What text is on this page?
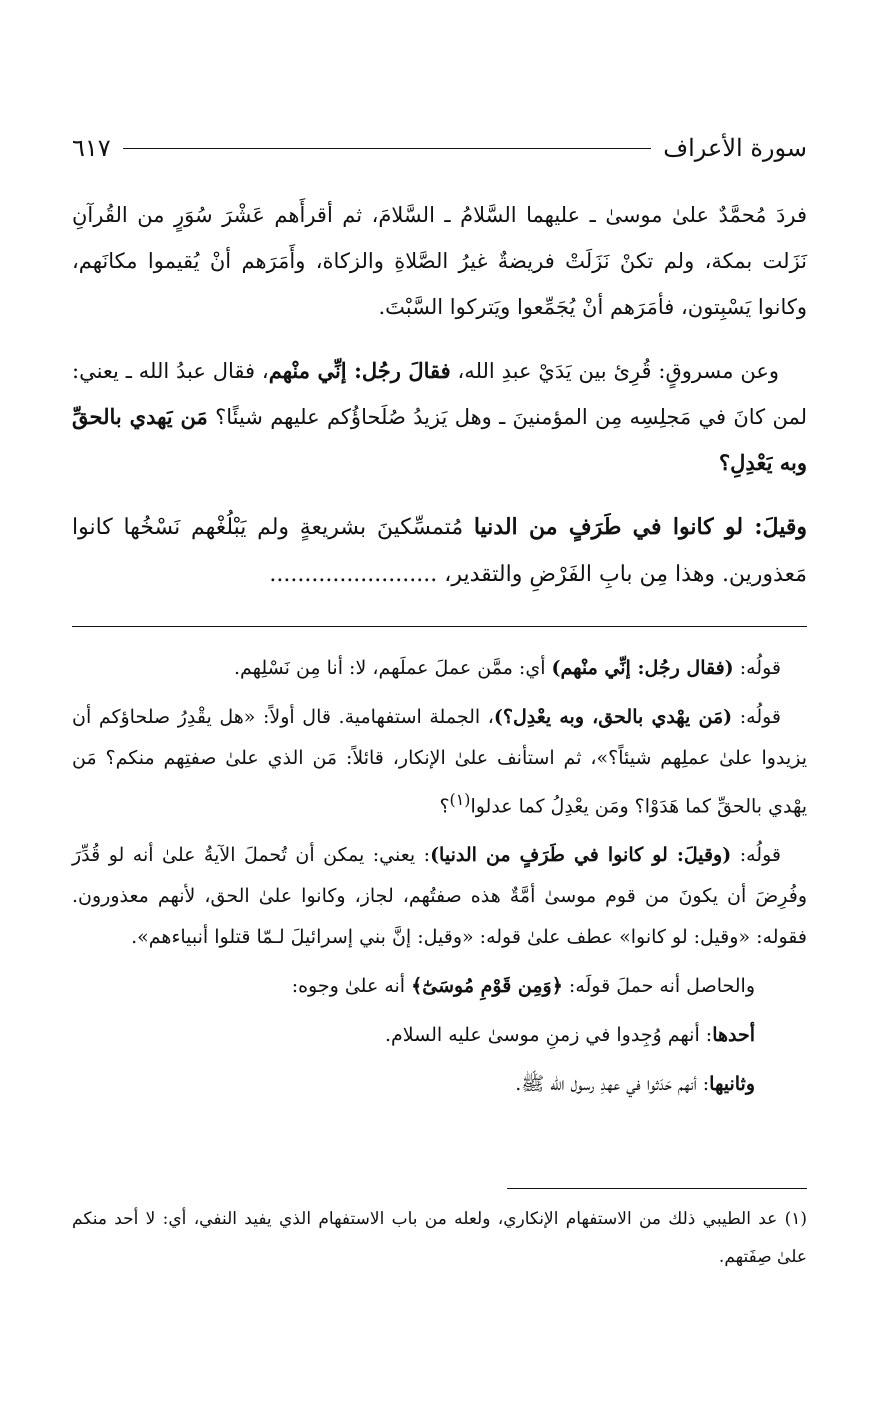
سورة الأعراف
٦١٧

فردَ مُحمَّدٌ علىٰ موسىٰ ـ عليهما السَّلامُ ـ السَّلامَ، ثم أقرأَهم عَشْرَ سُوَرٍ من القُرآنِ نَزَلت بمكة، ولم تكنْ نَزَلَتْ فريضةٌ غيرُ الصَّلاةِ والزكاة، وأَمَرَهم أنْ يُقيموا مكانَهم، وكانوا يَسْبِتون، فأمَرَهم أنْ يُجَمِّعوا ويَتركوا السَّبْتَ.

وعن مسروقٍ: قُرِئ بين يَدَيْ عبدِ الله، فقالَ رجُل: إنِّي منْهم، فقال عبدُ الله ـ يعني: لمن كانَ في مَجلِسِه مِن المؤمنينَ ـ وهل يَزيدُ صُلَحاؤُكم عليهم شيئًا؟ مَن يَهدي بالحقِّ وبه يَعْدِلِ؟

وقيلَ: لو كانوا في طَرَفٍ من الدنيا مُتمسِّكينَ بشريعةٍ ولم يَبْلُغْهم نَسْخُها كانوا مَعذورين. وهذا مِن بابِ الفَرْضِ والتقدير، ........................

قولُه: (فقال رجُل: إنِّي منْهم) أي: ممَّن عملَ عملَهم، لا: أنا مِن نَسْلِهم.

قولُه: (مَن يهْدي بالحق، وبه يعْدِل؟)، الجملة استفهامية. قال أولاً: «هل يقْدِرُ صلحاؤكم أن يزيدوا علىٰ عملِهم شيئاً؟»، ثم استأنف علىٰ الإنكار، قائلاً: مَن الذي علىٰ صفتِهم منكم؟ مَن يهْدي بالحقِّ كما هَدَوْا؟ ومَن يعْدِلُ كما عدلوا$^{(١)}$؟

قولُه: (وقيلَ: لو كانوا في طَرَفٍ من الدنيا): يعني: يمكن أن تُحملَ الآيةُ علىٰ أنه لو قُدِّرَ وفُرِضَ أن يكونَ من قوم موسىٰ أمَّةٌ هذه صفتُهم، لجاز، وكانوا علىٰ الحق، لأنهم معذورون. فقوله: «وقيل: لو كانوا» عطف علىٰ قوله: «وقيل: إنَّ بني إسرائيلَ لـمّا قتلوا أنبياءهم».

والحاصل أنه حملَ قولَه: ﴿وَمِن قَوْمِ مُوسَىٰٓ﴾ أنه علىٰ وجوه:

أحدها: أنهم وُجِدوا في زمنِ موسىٰ عليه السلام.

وثانيها: أنهم حَدَثوا في عهدِ رسول الله ﷺ.

(١) عد الطيبي ذلك من الاستفهام الإنكاري، ولعله من باب الاستفهام الذي يفيد النفي، أي: لا أحد منكم علىٰ صِفَتهم.
